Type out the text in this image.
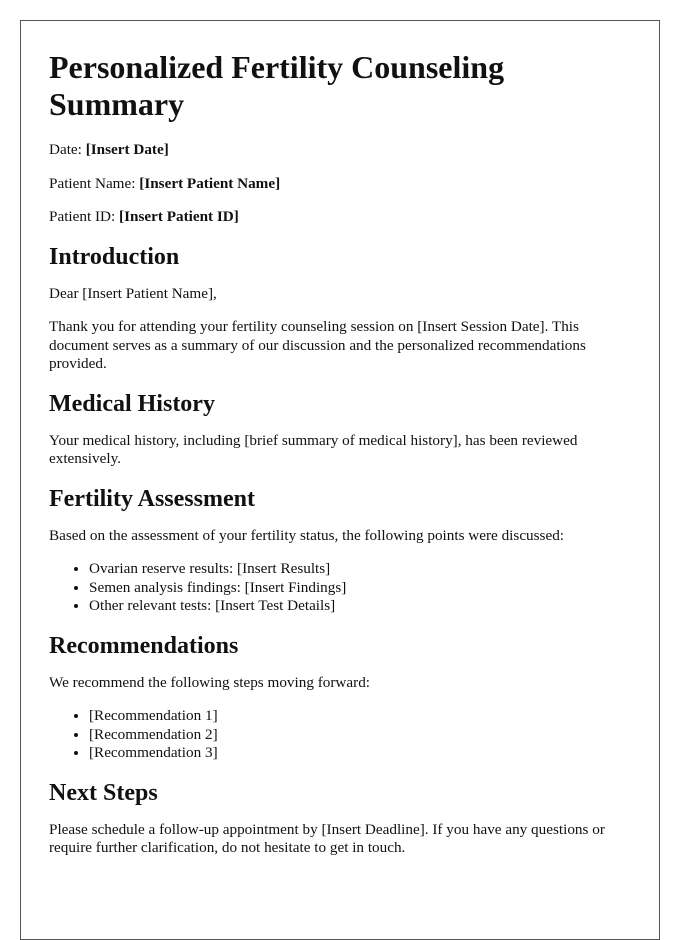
Personalized Fertility Counseling Summary

Date: [Insert Date]

Patient Name: [Insert Patient Name]

Patient ID: [Insert Patient ID]

Introduction

Dear [Insert Patient Name],

Thank you for attending your fertility counseling session on [Insert Session Date]. This document serves as a summary of our discussion and the personalized recommendations provided.

Medical History

Your medical history, including [brief summary of medical history], has been reviewed extensively.

Fertility Assessment

Based on the assessment of your fertility status, the following points were discussed:

• Ovarian reserve results: [Insert Results]
• Semen analysis findings: [Insert Findings]
• Other relevant tests: [Insert Test Details]
Recommendations

We recommend the following steps moving forward:

• [Recommendation 1]
• [Recommendation 2]
• [Recommendation 3]
Next Steps

Please schedule a follow-up appointment by [Insert Deadline]. If you have any questions or require further clarification, do not hesitate to get in touch.
